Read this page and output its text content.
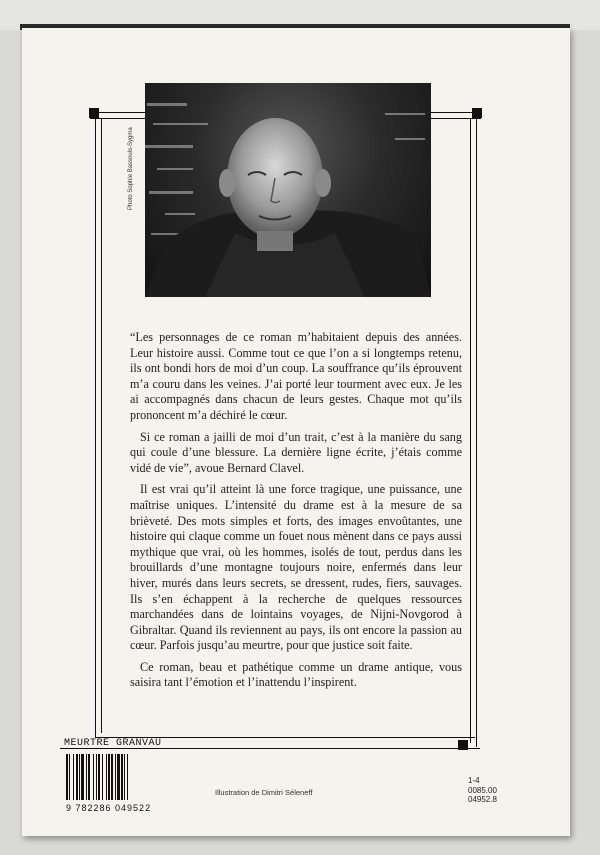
Photo Sophie Bassouls-Sygma

“Les personnages de ce roman m’habitaient depuis des années. Leur histoire aussi. Comme tout ce que l’on a si longtemps retenu, ils ont bondi hors de moi d’un coup. La souffrance qu’ils éprouvent m’a couru dans les veines. J’ai porté leur tourment avec eux. Je les ai accompagnés dans chacun de leurs gestes. Chaque mot qu’ils prononcent m’a déchiré le cœur.

Si ce roman a jailli de moi d’un trait, c’est à la manière du sang qui coule d’une blessure. La dernière ligne écrite, j’étais comme vidé de vie”, avoue Bernard Clavel.

Il est vrai qu’il atteint là une force tragique, une puissance, une maîtrise uniques. L’intensité du drame est à la mesure de sa brièveté. Des mots simples et forts, des images envoûtantes, une histoire qui claque comme un fouet nous mènent dans ce pays aussi mythique que vrai, où les hommes, isolés de tout, perdus dans les brouillards d’une montagne toujours noire, enfermés dans leur hiver, murés dans leurs secrets, se dressent, rudes, fiers, sauvages. Ils s’en échappent à la recherche de quelques ressources marchandées dans de lointains voyages, de Nijni-Novgorod à Gibraltar. Quand ils reviennent au pays, ils ont encore la passion au cœur. Parfois jusqu’au meurtre, pour que justice soit faite.

Ce roman, beau et pathétique comme un drame antique, vous saisira tant l’émotion et l’inattendu l’inspirent.

MEURTRE GRANVAU
9 782286 049522
Illustration de Dimitri Séleneff
1-4
0085.00
04952.8
